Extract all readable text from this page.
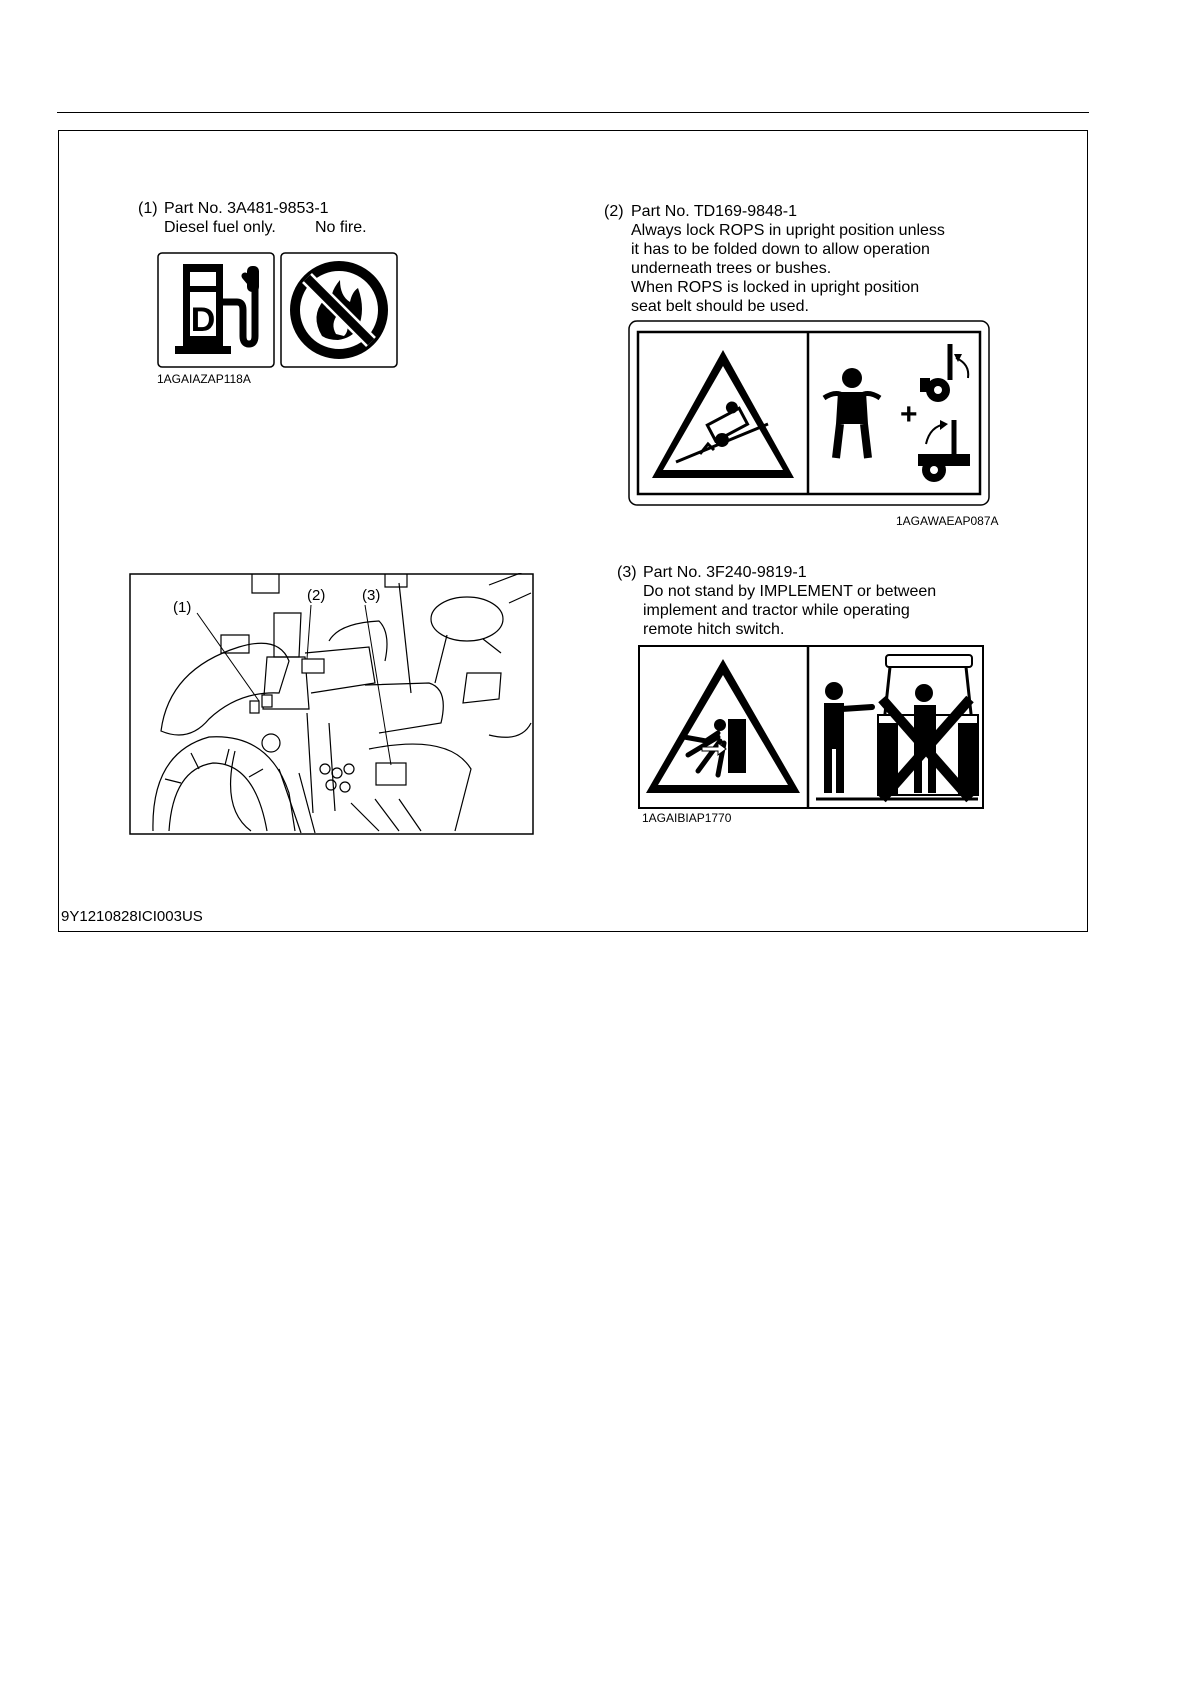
(1) Part No. 3A481-9853-1
Diesel fuel only. No fire.
D
1AGAIAZAP118A
(2) Part No. TD169-9848-1
Always lock ROPS in upright position unless
it has to be folded down to allow operation
underneath trees or bushes.
When ROPS is locked in upright position
seat belt should be used.
+
1AGAWAEAP087A
(1)
(2) (3)
(3) Part No. 3F240-9819-1
Do not stand by IMPLEMENT or between
implement and tractor while operating
remote hitch switch.
1AGAIBIAP1770
9Y1210828ICI003US
